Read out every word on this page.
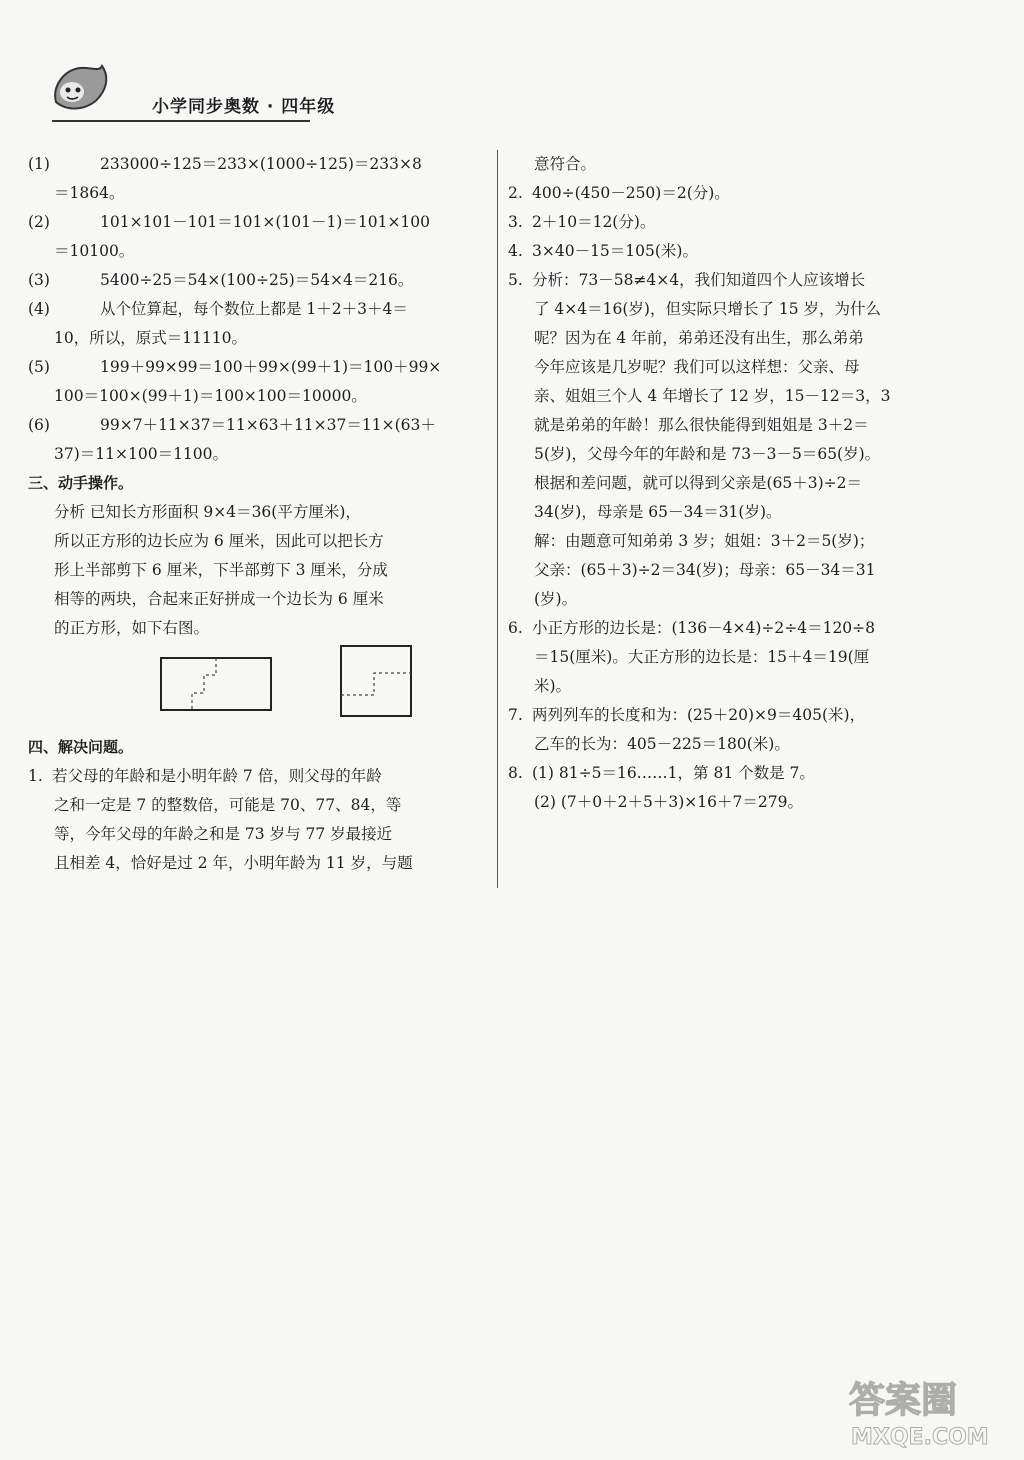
小学同步奥数 · 四年级
(1)	233000÷125＝233×(1000÷125)＝233×8
＝1864。
(2)	101×101－101＝101×(101－1)＝101×100
＝10100。
(3)	5400÷25＝54×(100÷25)＝54×4＝216。
(4)	从个位算起，每个数位上都是 1＋2＋3＋4＝
10，所以，原式＝11110。
(5)	199＋99×99＝100＋99×(99＋1)＝100＋99×
100＝100×(99＋1)＝100×100＝10000。
(6)	99×7＋11×37＝11×63＋11×37＝11×(63＋
37)＝11×100＝1100。
三、动手操作。
分析 已知长方形面积 9×4＝36(平方厘米)，
所以正方形的边长应为 6 厘米，因此可以把长方
形上半部剪下 6 厘米，下半部剪下 3 厘米，分成
相等的两块，合起来正好拼成一个边长为 6 厘米
的正方形，如下右图。
四、解决问题。
1. 若父母的年龄和是小明年龄 7 倍，则父母的年龄
之和一定是 7 的整数倍，可能是 70、77、84，等
等，今年父母的年龄之和是 73 岁与 77 岁最接近
且相差 4，恰好是过 2 年，小明年龄为 11 岁，与题
意符合。
2. 400÷(450－250)＝2(分)。
3. 2＋10＝12(分)。
4. 3×40－15＝105(米)。
5. 分析：73－58≠4×4，我们知道四个人应该增长
了 4×4＝16(岁)，但实际只增长了 15 岁，为什么
呢？因为在 4 年前，弟弟还没有出生，那么弟弟
今年应该是几岁呢？我们可以这样想：父亲、母
亲、姐姐三个人 4 年增长了 12 岁，15－12＝3，3
就是弟弟的年龄！那么很快能得到姐姐是 3＋2＝
5(岁)，父母今年的年龄和是 73－3－5＝65(岁)。
根据和差问题，就可以得到父亲是(65＋3)÷2＝
34(岁)，母亲是 65－34＝31(岁)。
解：由题意可知弟弟 3 岁；姐姐：3＋2＝5(岁)；
父亲：(65＋3)÷2＝34(岁)；母亲：65－34＝31
(岁)。
6. 小正方形的边长是：(136－4×4)÷2÷4＝120÷8
＝15(厘米)。大正方形的边长是：15＋4＝19(厘
米)。
7. 两列列车的长度和为：(25＋20)×9＝405(米)，
乙车的长为：405－225＝180(米)。
8. (1) 81÷5＝16……1，第 81 个数是 7。
(2) (7＋0＋2＋5＋3)×16＋7＝279。
答案圈
MXQE.COM
